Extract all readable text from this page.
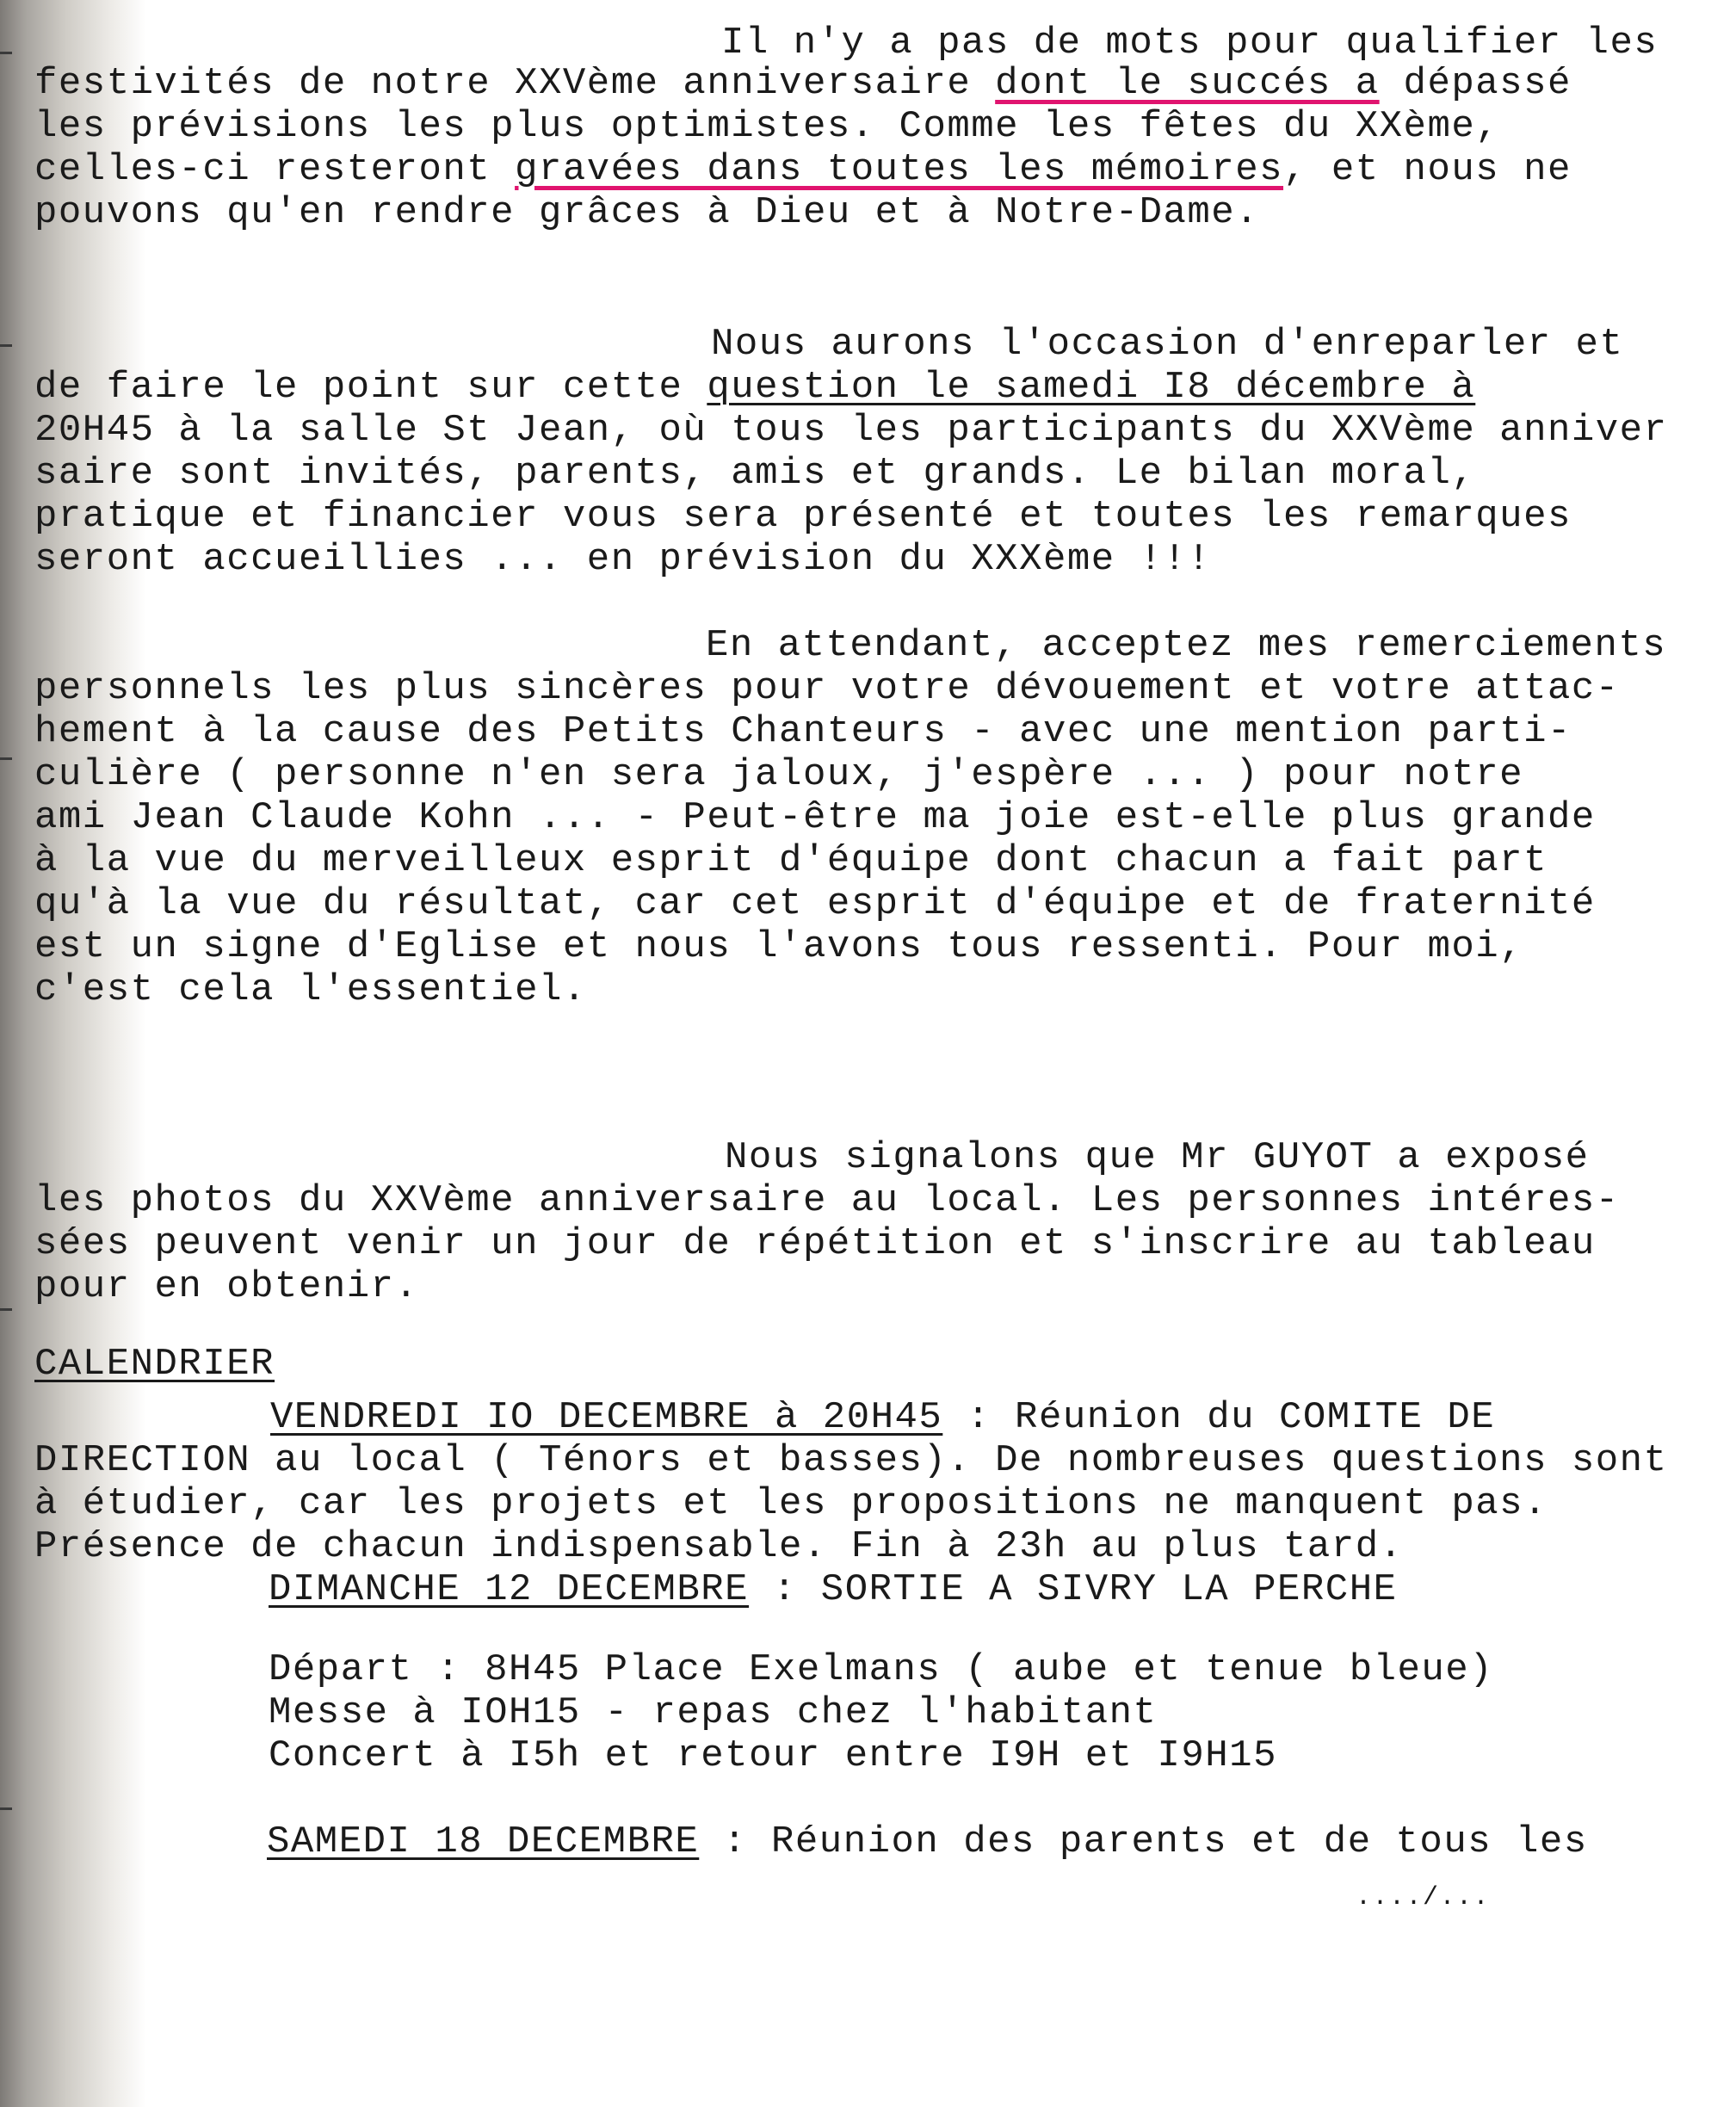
Il n'y a pas de mots pour qualifier les
festivités de notre XXVème anniversaire dont le succés a dépassé
les prévisions les plus optimistes. Comme les fêtes du XXème,
celles-ci resteront gravées dans toutes les mémoires, et nous ne
pouvons qu'en rendre grâces à Dieu et à Notre-Dame.
Nous aurons l'occasion d'enreparler et
de faire le point sur cette question le samedi I8 décembre à
20H45 à la salle St Jean, où tous les participants du XXVème anniver
saire sont invités, parents, amis et grands. Le bilan moral,
pratique et financier vous sera présenté et toutes les remarques
seront accueillies ... en prévision du XXXème !!!
En attendant, acceptez mes remerciements
personnels les plus sincères pour votre dévouement et votre attac-
hement à la cause des Petits Chanteurs - avec une mention parti-
culière ( personne n'en sera jaloux, j'espère ... ) pour notre
ami Jean Claude Kohn ... - Peut-être ma joie est-elle plus grande
à la vue du merveilleux esprit d'équipe dont chacun a fait part
qu'à la vue du résultat, car cet esprit d'équipe et de fraternité
est un signe d'Eglise et nous l'avons tous ressenti. Pour moi,
c'est cela l'essentiel.
Nous signalons que Mr GUYOT a exposé
les photos du XXVème anniversaire au local. Les personnes intéres-
sées peuvent venir un jour de répétition et s'inscrire au tableau
pour en obtenir.
CALENDRIER
VENDREDI IO DECEMBRE à 20H45 : Réunion du COMITE DE
DIRECTION au local ( Ténors et basses). De nombreuses questions sont
à étudier, car les projets et les propositions ne manquent pas.
Présence de chacun indispensable. Fin à 23h au plus tard.
DIMANCHE 12 DECEMBRE : SORTIE A SIVRY LA PERCHE
Départ : 8H45 Place Exelmans ( aube et tenue bleue)
Messe à IOH15 - repas chez l'habitant
Concert à I5h et retour entre I9H et I9H15
SAMEDI 18 DECEMBRE : Réunion des parents et de tous les
..../...
